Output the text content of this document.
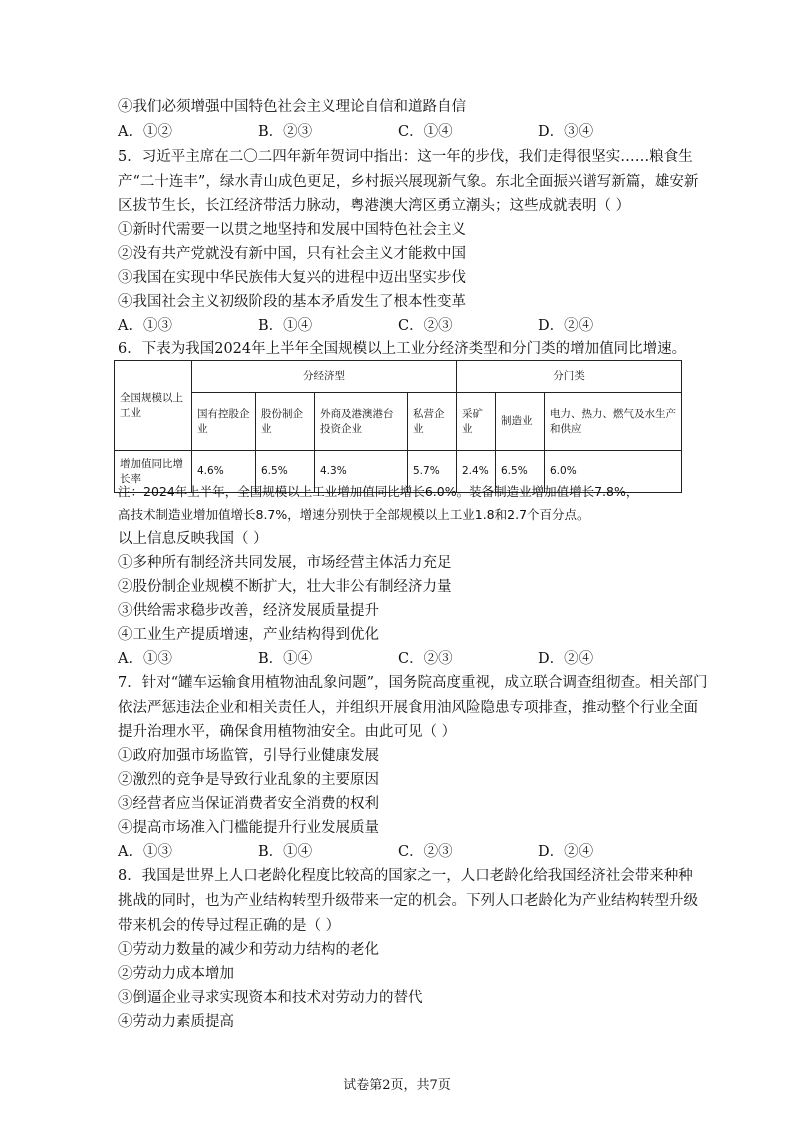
④我们必须增强中国特色社会主义理论自信和道路自信
A．①②	B．②③	C．①④	D．③④
5．习近平主席在二〇二四年新年贺词中指出：这一年的步伐，我们走得很坚实……粮食生
产“二十连丰”，绿水青山成色更足，乡村振兴展现新气象。东北全面振兴谱写新篇，雄安新
区拔节生长，长江经济带活力脉动，粤港澳大湾区勇立潮头；这些成就表明（ ）
①新时代需要一以贯之地坚持和发展中国特色社会主义
②没有共产党就没有新中国，只有社会主义才能救中国
③我国在实现中华民族伟大复兴的进程中迈出坚实步伐
④我国社会主义初级阶段的基本矛盾发生了根本性变革
A．①③	B．①④	C．②③	D．②④
6．下表为我国2024年上半年全国规模以上工业分经济类型和分门类的增加值同比增速。
全国规模以上工业	分经济型				分门类		
	国有控股企业	股份制企业	外商及港澳港台投资企业	私营企业	采矿业	制造业	电力、热力、燃气及水生产和供应
增加值同比增长率	4.6%	6.5%	4.3%	5.7%	2.4%	6.5%	6.0%
注：2024年上半年，全国规模以上工业增加值同比增长6.0%。装备制造业增加值增长7.8%，
高技术制造业增加值增长8.7%，增速分别快于全部规模以上工业1.8和2.7个百分点。
以上信息反映我国（ ）
①多种所有制经济共同发展，市场经营主体活力充足
②股份制企业规模不断扩大，壮大非公有制经济力量
③供给需求稳步改善，经济发展质量提升
④工业生产提质增速，产业结构得到优化
A．①③	B．①④	C．②③	D．②④
7．针对“罐车运输食用植物油乱象问题”，国务院高度重视，成立联合调查组彻查。相关部门
依法严惩违法企业和相关责任人，并组织开展食用油风险隐患专项排查，推动整个行业全面
提升治理水平，确保食用植物油安全。由此可见（ ）
①政府加强市场监管，引导行业健康发展
②激烈的竞争是导致行业乱象的主要原因
③经营者应当保证消费者安全消费的权利
④提高市场准入门槛能提升行业发展质量
A．①③	B．①④	C．②③	D．②④
8．我国是世界上人口老龄化程度比较高的国家之一，人口老龄化给我国经济社会带来种种
挑战的同时，也为产业结构转型升级带来一定的机会。下列人口老龄化为产业结构转型升级
带来机会的传导过程正确的是（ ）
①劳动力数量的减少和劳动力结构的老化
②劳动力成本增加
③倒逼企业寻求实现资本和技术对劳动力的替代
④劳动力素质提高
试卷第2页，共7页
